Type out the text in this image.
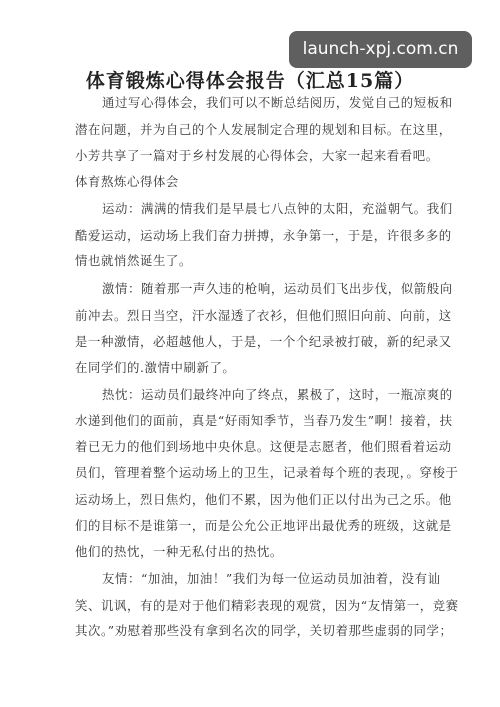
launch-xpj.com.cn
体育锻炼心得体会报告（汇总15篇）
通过写心得体会，我们可以不断总结阅历，发觉自己的短板和
潜在问题，并为自己的个人发展制定合理的规划和目标。在这里，
小芳共享了一篇对于乡村发展的心得体会，大家一起来看看吧。
体育熬炼心得体会
运动：满满的情我们是早晨七八点钟的太阳，充溢朝气。我们
酷爱运动，运动场上我们奋力拼搏，永争第一，于是，许很多多的
情也就悄然诞生了。
激情：随着那一声久违的枪响，运动员们飞出步伐，似箭般向
前冲去。烈日当空，汗水湿透了衣衫，但他们照旧向前、向前，这
是一种激情，必超越他人，于是，一个个纪录被打破，新的纪录又
在同学们的.激情中刷新了。
热忱：运动员们最终冲向了终点，累极了，这时，一瓶凉爽的
水递到他们的面前，真是“好雨知季节，当春乃发生”啊！接着，扶
着已无力的他们到场地中央休息。这便是志愿者，他们照看着运动
员们，管理着整个运动场上的卫生，记录着每个班的表现，。穿梭于
运动场上，烈日焦灼，他们不累，因为他们正以付出为己之乐。他
们的目标不是谁第一，而是公允公正地评出最优秀的班级，这就是
他们的热忱，一种无私付出的热忱。
友情：“加油，加油！”我们为每一位运动员加油着，没有讪
笑、讥讽，有的是对于他们精彩表现的观赏，因为“友情第一，竞赛
其次。”劝慰着那些没有拿到名次的同学，关切着那些虚弱的同学；
